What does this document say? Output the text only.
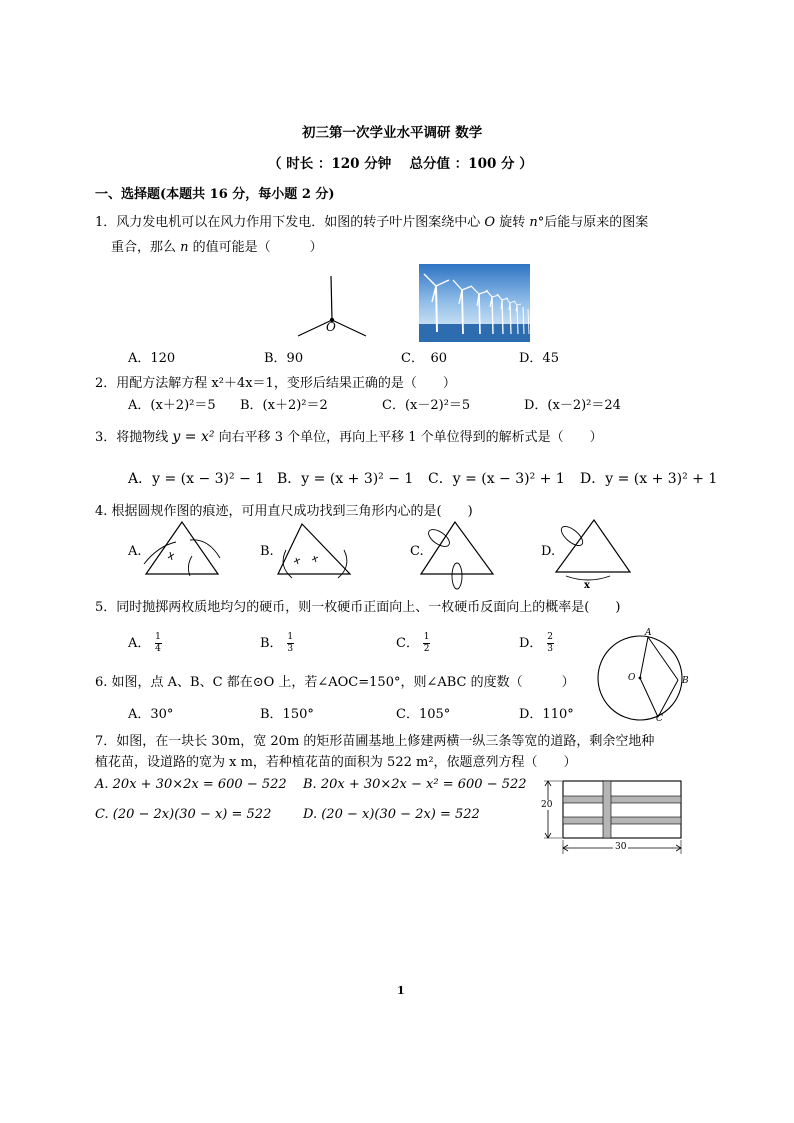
初三第一次学业水平调研 数学
（ 时长 ：120 分钟　 总分值 ：100 分 ）
一、选择题(本题共 16 分，每小题 2 分)
1．风力发电机可以在风力作用下发电．如图的转子叶片图案绕中心 O 旋转 n°后能与原来的图案
重合，那么 n 的值可能是（　　　）
O
A．120	B．90	C．　60	D．45
2．用配方法解方程 x²＋4x＝1，变形后结果正确的是（　　）
A．(x＋2)²＝5 B．(x＋2)²＝2	C．(x－2)²＝5	D．(x－2)²＝24
3．将抛物线 y = x² 向右平移 3 个单位，再向上平移 1 个单位得到的解析式是（　　）
A．y = (x − 3)² − 1 B．y = (x + 3)² − 1 C．y = (x − 3)² + 1 D．y = (x + 3)² + 1
4. 根据圆规作图的痕迹，可用直尺成功找到三角形内心的是(　　)
A.	B.	C.	D.
x
5．同时抛掷两枚质地均匀的硬币，则一枚硬币正面向上、一枚硬币反面向上的概率是(　　)
A． $\frac{1}{4}$	B． $\frac{1}{3}$	C． $\frac{1}{2}$	D． $\frac{2}{3}$	A
O	B
C
6. 如图，点 A、B、C 都在⊙O 上，若∠AOC=150°，则∠ABC 的度数（　　　）
A．30°	B．150°	C．105°	D．110°
7．如图，在一块长 30m，宽 20m 的矩形苗圃基地上修建两横一纵三条等宽的道路，剩余空地种
植花苗，设道路的宽为 x m，若种植花苗的面积为 522 m²，依题意列方程（　　）
A. 20x + 30×2x = 600 − 522 B. 20x + 30×2x − x² = 600 − 522
C. (20 − 2x)(30 − x) = 522 D. (20 − x)(30 − 2x) = 522
20
30
1
